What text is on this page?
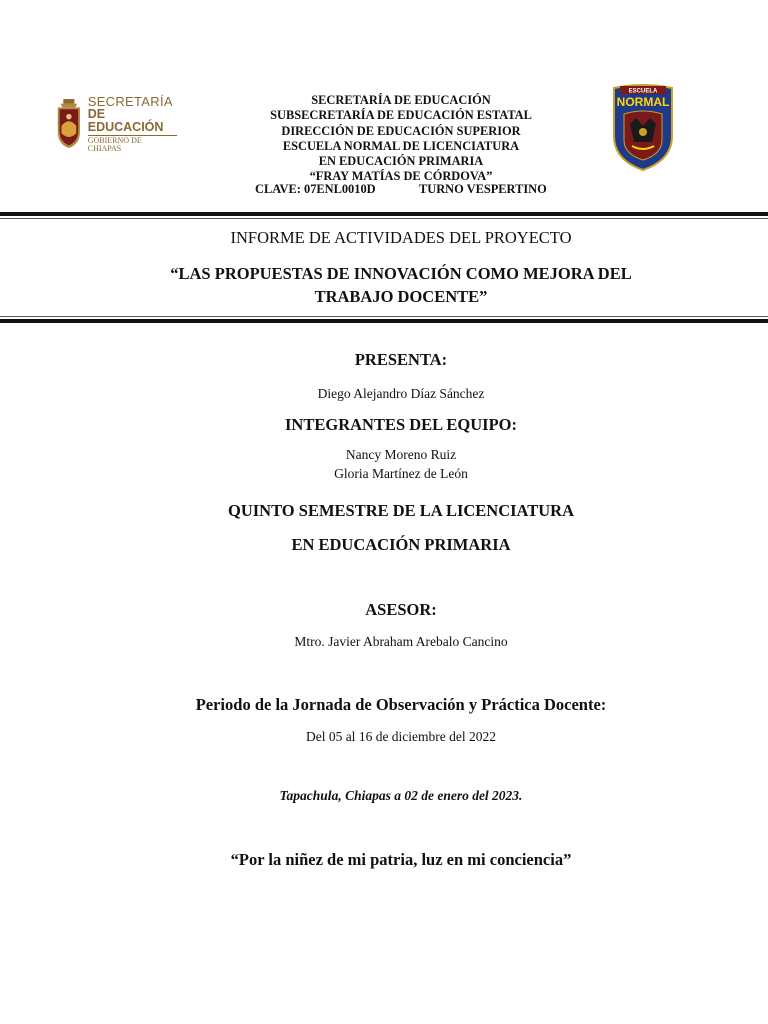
SECRETARÍA
DE EDUCACIÓN
GOBIERNO DE CHIAPAS
SECRETARÍA DE EDUCACIÓN
SUBSECRETARÍA DE EDUCACIÓN ESTATAL
DIRECCIÓN DE EDUCACIÓN SUPERIOR
ESCUELA NORMAL DE LICENCIATURA
EN EDUCACIÓN PRIMARIA
“FRAY MATÍAS DE CÓRDOVA”
CLAVE: 07ENL0010D	TURNO VESPERTINO
ESCUELA
NORMAL
INFORME DE ACTIVIDADES DEL PROYECTO
“LAS PROPUESTAS DE INNOVACIÓN COMO MEJORA DEL TRABAJO DOCENTE”
PRESENTA:
Diego Alejandro Díaz Sánchez
INTEGRANTES DEL EQUIPO:
Nancy Moreno Ruiz
Gloria Martínez de León
QUINTO SEMESTRE DE LA LICENCIATURA
EN EDUCACIÓN PRIMARIA
ASESOR:
Mtro. Javier Abraham Arebalo Cancino
Periodo de la Jornada de Observación y Práctica Docente:
Del 05 al 16 de diciembre del 2022
Tapachula, Chiapas a 02 de enero del 2023.
“Por la niñez de mi patria, luz en mi conciencia”
